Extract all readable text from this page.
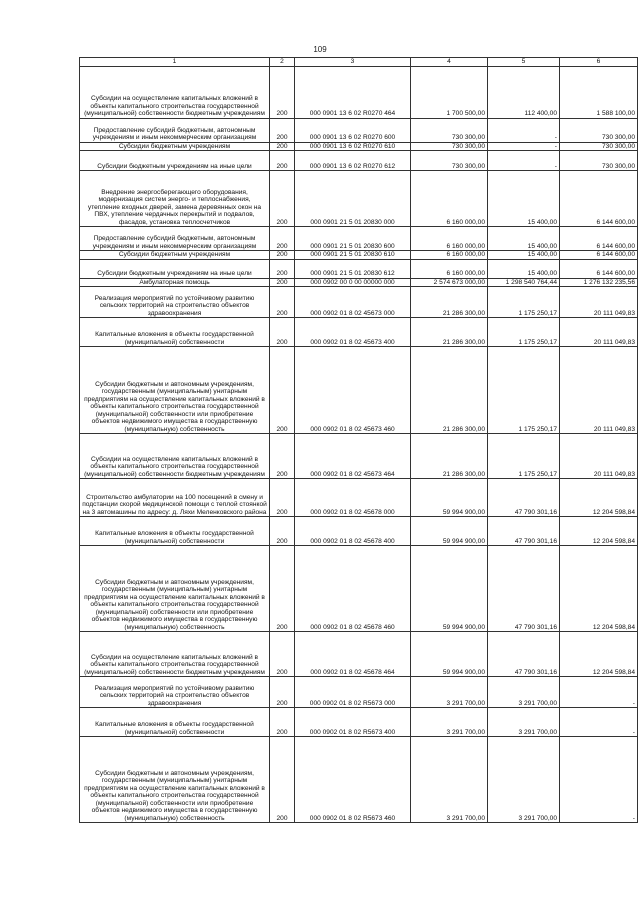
109
1	2	3	4	5	6
Субсидии на осуществление капитальных вложений в объекты капитального строительства государственной (муниципальной) собственности бюджетным учреждениям	200	000 0901 13 6 02 R0270 464	1 700 500,00	112 400,00	1 588 100,00
Предоставление субсидий бюджетным, автономным учреждениям и иным некоммерческим организациям	200	000 0901 13 6 02 R0270 600	730 300,00	-	730 300,00
Субсидии бюджетным учреждениям	200	000 0901 13 6 02 R0270 610	730 300,00	-	730 300,00
Субсидии бюджетным учреждениям на иные цели	200	000 0901 13 6 02 R0270 612	730 300,00	-	730 300,00
Внедрение энергосберегающего оборудования, модернизация систем энерго- и теплоснабжения, утепление входных дверей, замена деревянных окон на ПВХ, утепление чердачных перекрытий и подвалов, фасадов, установка теплосчетчиков	200	000 0901 21 5 01 20830 000	6 160 000,00	15 400,00	6 144 600,00
Предоставление субсидий бюджетным, автономным учреждениям и иным некоммерческим организациям	200	000 0901 21 5 01 20830 600	6 160 000,00	15 400,00	6 144 600,00
Субсидии бюджетным учреждениям	200	000 0901 21 5 01 20830 610	6 160 000,00	15 400,00	6 144 600,00
Субсидии бюджетным учреждениям на иные цели	200	000 0901 21 5 01 20830 612	6 160 000,00	15 400,00	6 144 600,00
Амбулаторная помощь	200	000 0902 00 0 00 00000 000	2 574 673 000,00	1 298 540 764,44	1 276 132 235,56
Реализация мероприятий по устойчивому развитию сельских территорий на строительство объектов здравоохранения	200	000 0902 01 8 02 45673 000	21 286 300,00	1 175 250,17	20 111 049,83
Капитальные вложения в объекты государственной (муниципальной) собственности	200	000 0902 01 8 02 45673 400	21 286 300,00	1 175 250,17	20 111 049,83
Субсидии бюджетным и автономным учреждениям, государственным (муниципальным) унитарным предприятиям на осуществление капитальных вложений в объекты капитального строительства государственной (муниципальной) собственности или приобретение объектов недвижимого имущества в государственную (муниципальную) собственность	200	000 0902 01 8 02 45673 460	21 286 300,00	1 175 250,17	20 111 049,83
Субсидии на осуществление капитальных вложений в объекты капитального строительства государственной (муниципальной) собственности бюджетным учреждениям	200	000 0902 01 8 02 45673 464	21 286 300,00	1 175 250,17	20 111 049,83
Строительство амбулатории на 100 посещений в смену и подстанции скорой медицинской помощи с теплой стоянкой на 3 автомашины по адресу: д. Ляхи Меленковского района	200	000 0902 01 8 02 45678 000	59 994 900,00	47 790 301,16	12 204 598,84
Капитальные вложения в объекты государственной (муниципальной) собственности	200	000 0902 01 8 02 45678 400	59 994 900,00	47 790 301,16	12 204 598,84
Субсидии бюджетным и автономным учреждениям, государственным (муниципальным) унитарным предприятиям на осуществление капитальных вложений в объекты капитального строительства государственной (муниципальной) собственности или приобретение объектов недвижимого имущества в государственную (муниципальную) собственность	200	000 0902 01 8 02 45678 460	59 994 900,00	47 790 301,16	12 204 598,84
Субсидии на осуществление капитальных вложений в объекты капитального строительства государственной (муниципальной) собственности бюджетным учреждениям	200	000 0902 01 8 02 45678 464	59 994 900,00	47 790 301,16	12 204 598,84
Реализация мероприятий по устойчивому развитию сельских территорий на строительство объектов здравоохранения	200	000 0902 01 8 02 R5673 000	3 291 700,00	3 291 700,00	-
Капитальные вложения в объекты государственной (муниципальной) собственности	200	000 0902 01 8 02 R5673 400	3 291 700,00	3 291 700,00	-
Субсидии бюджетным и автономным учреждениям, государственным (муниципальным) унитарным предприятиям на осуществление капитальных вложений в объекты капитального строительства государственной (муниципальной) собственности или приобретение объектов недвижимого имущества в государственную (муниципальную) собственность	200	000 0902 01 8 02 R5673 460	3 291 700,00	3 291 700,00	-
